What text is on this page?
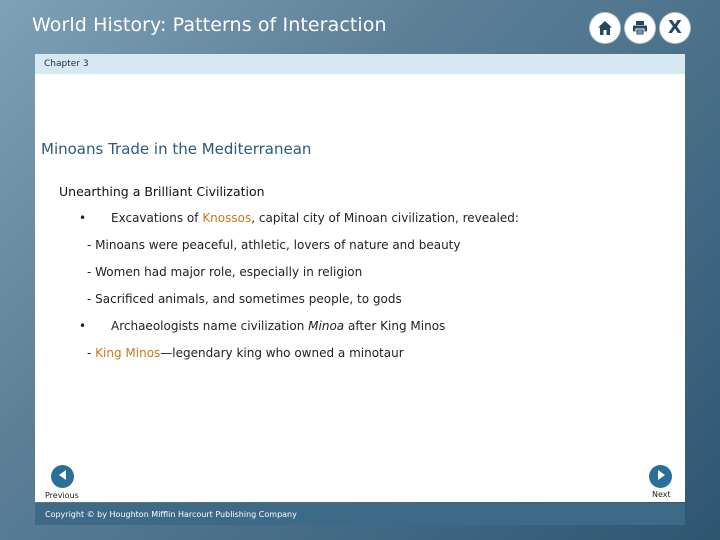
World History: Patterns of Interaction	X
Chapter 3
Minoans Trade in the Mediterranean
Unearthing a Brilliant Civilization
• Excavations of Knossos, capital city of Minoan civilization, revealed:
- Minoans were peaceful, athletic, lovers of nature and beauty
- Women had major role, especially in religion
- Sacrificed animals, and sometimes people, to gods
• Archaeologists name civilization Minoa after King Minos
- King Minos—legendary king who owned a minotaur
Previous	Next
Copyright © by Houghton Mifflin Harcourt Publishing Company
